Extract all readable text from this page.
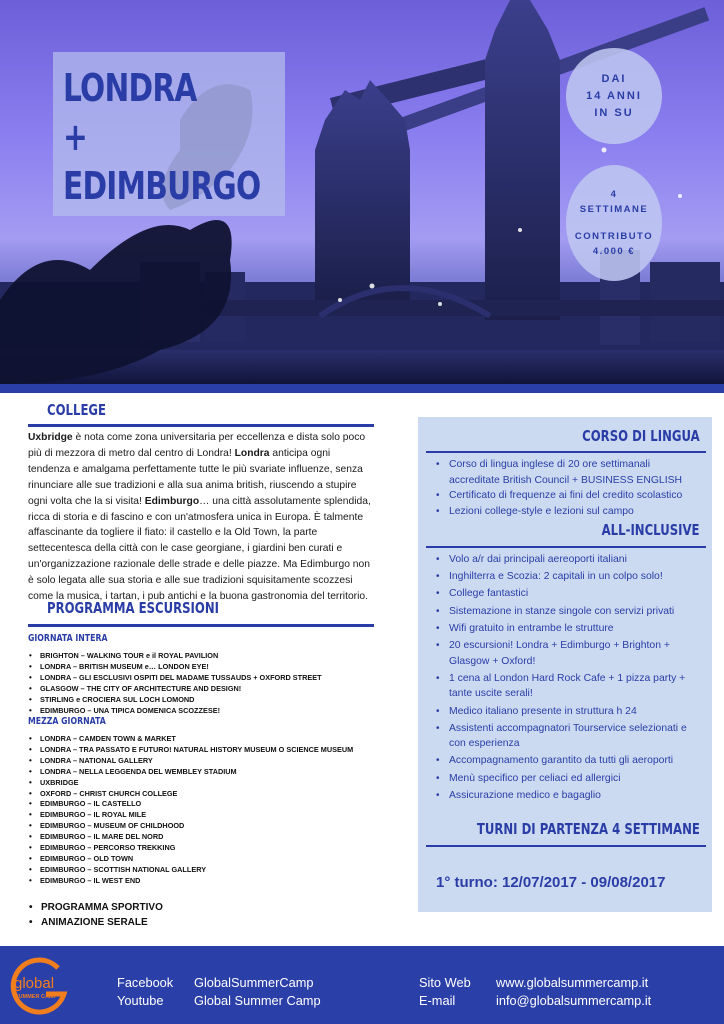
LONDRA
+
EDIMBURGO
DAI
14 ANNI
IN SU
4
SETTIMANE
CONTRIBUTO
4.000 €
COLLEGE

Uxbridge è nota come zona universitaria per eccellenza e dista solo poco più di mezzora di metro dal centro di Londra! Londra anticipa ogni tendenza e amalgama perfettamente tutte le più svariate influenze, senza rinunciare alle sue tradizioni e alla sua anima british, riuscendo a stupire ogni volta che la si visita! Edimburgo… una città assolutamente splendida, ricca di storia e di fascino e con un'atmosfera unica in Europa. È talmente affascinante da togliere il fiato: il castello e la Old Town, la parte settecentesca della città con le case georgiane, i giardini ben curati e un'organizzazione razionale delle strade e delle piazze. Ma Edimburgo non è solo legata alle sua storia e alle sue tradizioni squisitamente scozzesi come la musica, i tartan, i pub antichi e la buona gastronomia del territorio.

PROGRAMMA ESCURSIONI
GIORNATA INTERA
• BRIGHTON – WALKING TOUR e il ROYAL PAVILION
• LONDRA – BRITISH MUSEUM e… LONDON EYE!
• LONDRA – GLI ESCLUSIVI OSPITI DEL MADAME TUSSAUDS + OXFORD STREET
• GLASGOW – THE CITY OF ARCHITECTURE AND DESIGN!
• STIRLING e CROCIERA SUL LOCH LOMOND
• EDIMBURGO – UNA TIPICA DOMENICA SCOZZESE!
MEZZA GIORNATA
• LONDRA – CAMDEN TOWN & MARKET
• LONDRA – TRA PASSATO E FUTURO! NATURAL HISTORY MUSEUM O SCIENCE MUSEUM
• LONDRA – NATIONAL GALLERY
• LONDRA – NELLA LEGGENDA DEL WEMBLEY STADIUM
• UXBRIDGE
• OXFORD – CHRIST CHURCH COLLEGE
• EDIMBURGO – IL CASTELLO
• EDIMBURGO – IL ROYAL MILE
• EDIMBURGO – MUSEUM OF CHILDHOOD
• EDIMBURGO – IL MARE DEL NORD
• EDIMBURGO – PERCORSO TREKKING
• EDIMBURGO – OLD TOWN
• EDIMBURGO – SCOTTISH NATIONAL GALLERY
• EDIMBURGO – IL WEST END
• PROGRAMMA SPORTIVO
• ANIMAZIONE SERALE
CORSO DI LINGUA
• Corso di lingua inglese di 20 ore settimanali accreditate British Council + BUSINESS ENGLISH
• Certificato di frequenze ai fini del credito scolastico
• Lezioni college-style e lezioni sul campo
ALL-INCLUSIVE
• Volo a/r dai principali aereoporti italiani
• Inghilterra e Scozia: 2 capitali in un colpo solo!
• College fantastici
• Sistemazione in stanze singole con servizi privati
• Wifi gratuito in entrambe le strutture
• 20 escursioni! Londra + Edimburgo + Brighton + Glasgow + Oxford!
• 1 cena al London Hard Rock Cafe + 1 pizza party + tante uscite serali!
• Medico italiano presente in struttura h 24
• Assistenti accompagnatori Tourservice selezionati e con esperienza
• Accompagnamento garantito da tutti gli aeroporti
• Menù specifico per celiaci ed allergici
• Assicurazione medico e bagaglio
TURNI DI PARTENZA 4 SETTIMANE
1° turno: 12/07/2017 - 09/08/2017
global
SUMMER CAMP
Facebook
Youtube
GlobalSummerCamp
Global Summer Camp
Sito Web
E-mail
www.globalsummercamp.it
info@globalsummercamp.it
